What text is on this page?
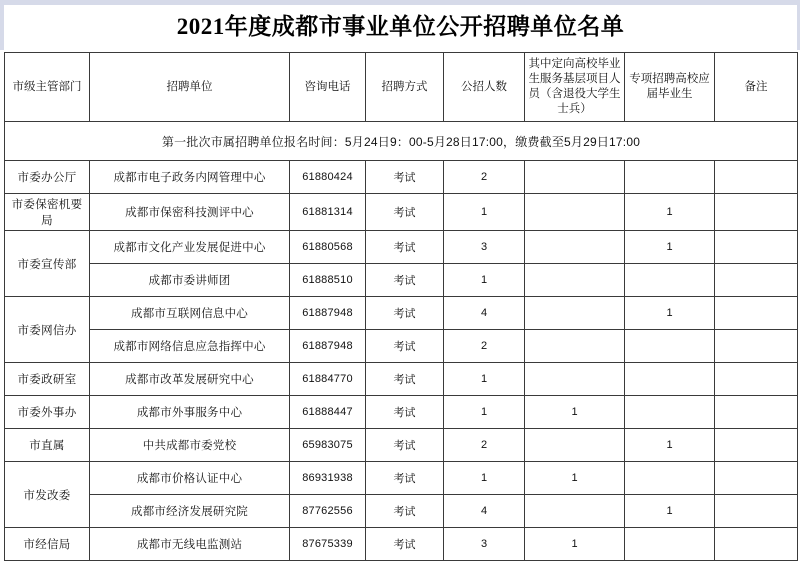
2021年度成都市事业单位公开招聘单位名单
市级主管部门	招聘单位	咨询电话	招聘方式	公招人数	其中定向高校毕业生服务基层项目人员（含退役大学生士兵）	专项招聘高校应届毕业生	备注
第一批次市属招聘单位报名时间：5月24日9：00-5月28日17:00，缴费截至5月29日17:00							
市委办公厅	成都市电子政务内网管理中心	61880424	考试	2			
市委保密机要局	成都市保密科技测评中心	61881314	考试	1		1	
市委宣传部	成都市文化产业发展促进中心	61880568	考试	3		1	
	成都市委讲师团	61888510	考试	1			
市委网信办	成都市互联网信息中心	61887948	考试	4		1	
	成都市网络信息应急指挥中心	61887948	考试	2			
市委政研室	成都市改革发展研究中心	61884770	考试	1			
市委外事办	成都市外事服务中心	61888447	考试	1	1		
市直属	中共成都市委党校	65983075	考试	2		1	
市发改委	成都市价格认证中心	86931938	考试	1	1		
	成都市经济发展研究院	87762556	考试	4		1	
市经信局	成都市无线电监测站	87675339	考试	3	1		
